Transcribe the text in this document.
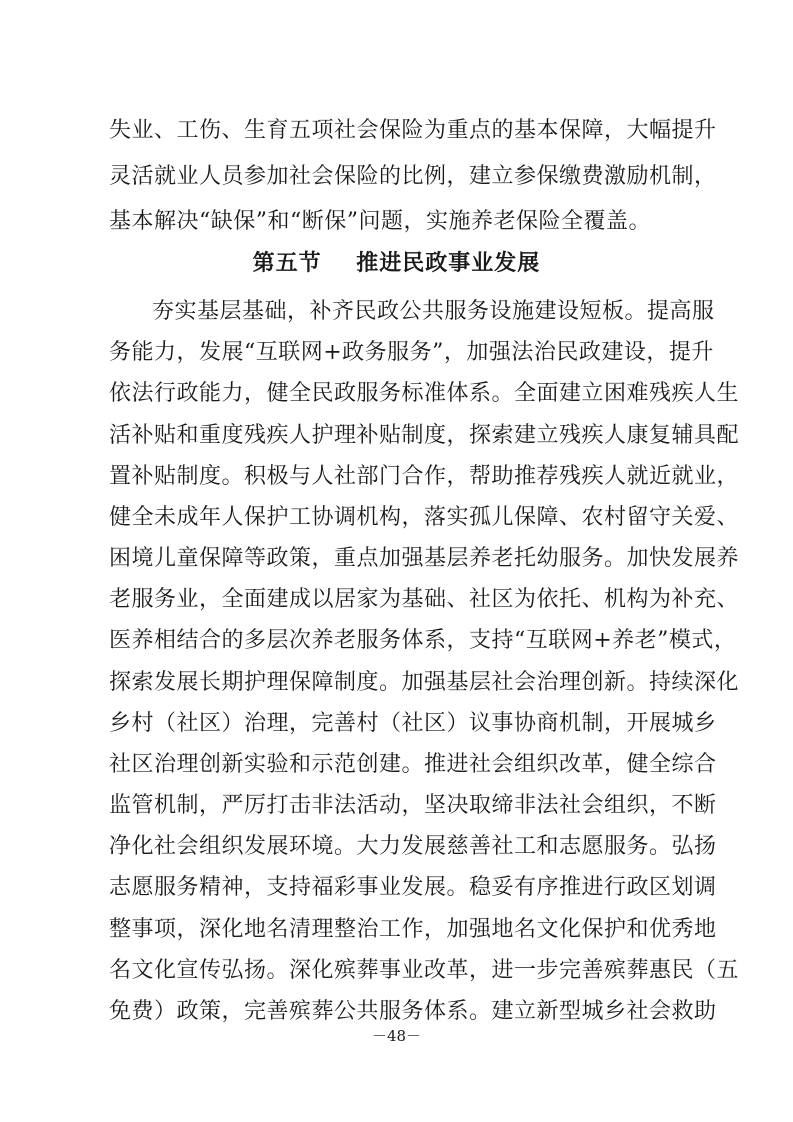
失业、工伤、生育五项社会保险为重点的基本保障，大幅提升
灵活就业人员参加社会保险的比例，建立参保缴费激励机制，
基本解决“缺保”和“断保”问题，实施养老保险全覆盖。
第五节    推进民政事业发展
夯实基层基础，补齐民政公共服务设施建设短板。提高服
务能力，发展“互联网+政务服务”，加强法治民政建设，提升
依法行政能力，健全民政服务标准体系。全面建立困难残疾人生
活补贴和重度残疾人护理补贴制度，探索建立残疾人康复辅具配
置补贴制度。积极与人社部门合作，帮助推荐残疾人就近就业，
健全未成年人保护工协调机构，落实孤儿保障、农村留守关爱、
困境儿童保障等政策，重点加强基层养老托幼服务。加快发展养
老服务业，全面建成以居家为基础、社区为依托、机构为补充、
医养相结合的多层次养老服务体系，支持“互联网+养老”模式，
探索发展长期护理保障制度。加强基层社会治理创新。持续深化
乡村（社区）治理，完善村（社区）议事协商机制，开展城乡
社区治理创新实验和示范创建。推进社会组织改革，健全综合
监管机制，严厉打击非法活动，坚决取缔非法社会组织，不断
净化社会组织发展环境。大力发展慈善社工和志愿服务。弘扬
志愿服务精神，支持福彩事业发展。稳妥有序推进行政区划调
整事项，深化地名清理整治工作，加强地名文化保护和优秀地
名文化宣传弘扬。深化殡葬事业改革，进一步完善殡葬惠民（五
免费）政策，完善殡葬公共服务体系。建立新型城乡社会救助
－48－
